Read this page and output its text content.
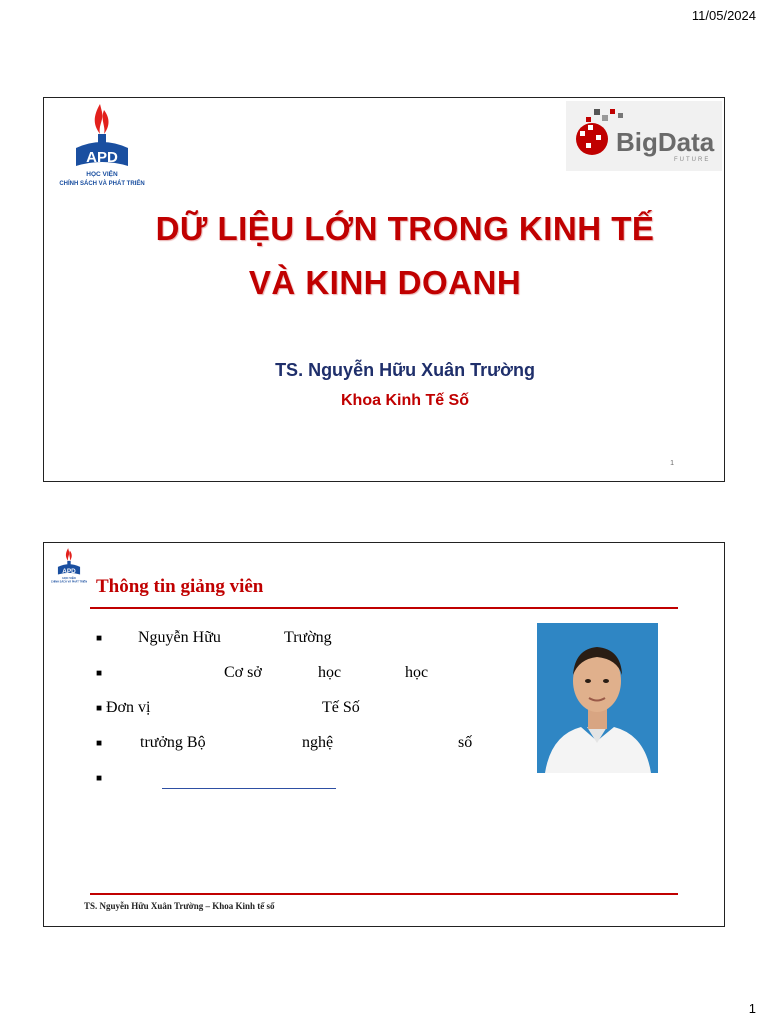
11/05/2024
APD
HỌC VIỆN
CHÍNH SÁCH VÀ PHÁT TRIỂN
BigData
FUTURE
DỮ LIỆU LỚN TRONG KINH TẾ
VÀ KINH DOANH
TS. Nguyễn Hữu Xuân Trường
Khoa Kinh Tế Số
1
APD
HỌC VIỆN
CHÍNH SÁCH VÀ PHÁT TRIỂN Thông tin giảng viên
■ Nguyễn Hữu	Trường
■	Cơ sở	học	học
■ Đơn vị	Tế Số
■ trưởng Bộ	nghệ	số
■
TS. Nguyễn Hữu Xuân Trường – Khoa Kinh tế số
1
